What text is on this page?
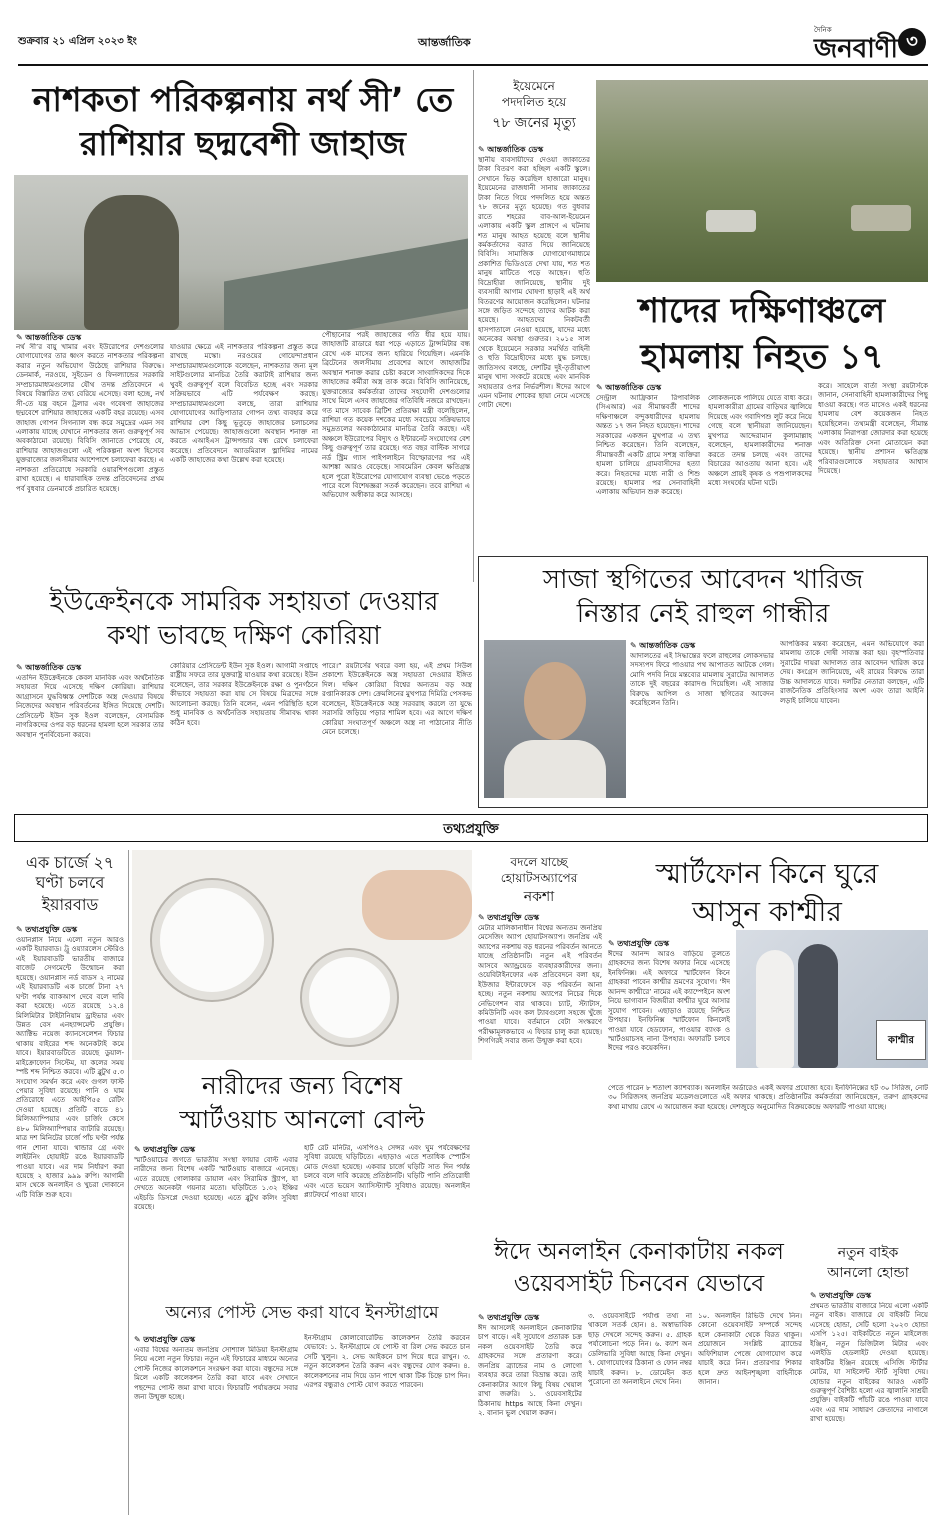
শুক্রবার ২১ এপ্রিল ২০২৩ ইং	আন্তর্জাতিক
দৈনিক
জনবাণী ৩
নাশকতা পরিকল্পনায় নর্থ সী’ তে
রাশিয়ার ছদ্মবেশী জাহাজ
✎ আন্তর্জাতিক ডেস্ক
নর্থ সী’র বায়ু খামার এবং ইউরোপের দেশগুলোর যোগাযোগের তার ধ্বংস করতে নাশকতার পরিকল্পনা করার নতুন অভিযোগ উঠেছে রাশিয়ার বিরুদ্ধে। ডেনমার্ক, নরওয়ে, সুইডেন ও ফিনল্যান্ডের সরকারি সম্প্রচারমাধ্যমগুলোর যৌথ তদন্ত প্রতিবেদনে এ বিষয়ে বিস্তারিত তথ্য বেরিয়ে এসেছে। বলা হচ্ছে, নর্থ সী-তে যন্ত্র বহনে ট্রলার এবং গবেষণা জাহাজের ছদ্মবেশে রাশিয়ার জাহাজের একটি বহর রয়েছে। এসব জাহাজ গোপন সিগন্যাল বন্ধ করে সমুদ্রের এমন সব এলাকায় যাচ্ছে যেখানে নাশকতার জন্য গুরুত্বপূর্ণ সব অবকাঠামো রয়েছে। বিবিসি জানাতে পেরেছে যে, রাশিয়ার জাহাজগুলো এই পরিকল্পনা অংশ হিসেবে যুক্তরাজ্যের জলসীমার আশেপাশে চলাফেরা করছে। এ নাশকতা প্রতিরোধে সরকারি ওয়ারশিপগুলো প্রস্তুত রাখা হয়েছে। এ ধারাবাহিক তদন্ত প্রতিবেদনের প্রথম পর্ব বুধবার ডেনমার্কে প্রচারিত হয়েছে।
যাওয়ার ক্ষেত্রে এই নাশকতার পরিকল্পনা প্রস্তুত করে রাখছে মস্কো। নরওয়ের গোয়েন্দাপ্রধান সম্প্রচারমাধ্যমগুলোকে বলেছেন, নাশকতার জন্য মূল সাইটগুলোর মানচিত্র তৈরি করাটাই রাশিয়ার জন্য খুবই গুরুত্বপূর্ণ বলে বিবেচিত হচ্ছে এবং সরকার সক্রিয়ভাবে এটি পর্যবেক্ষণ করছে। সম্প্রচারমাধ্যমগুলো বলছে, তারা রাশিয়ার যোগাযোগের আড়িপাতার গোপন তথ্য ব্যবহার করে রাশিয়ার বেশ কিছু ভূতুড়ে জাহাজের চলাচলের আভাস পেয়েছে। জাহাজগুলো অবস্থান শনাক্ত না করতে এআইএস ট্রান্সপন্ডার বন্ধ রেখে চলাফেরা করেছে। প্রতিবেদনে অ্যাডমিরাল ভ্লাদিমির নামের একটি জাহাজের কথা উল্লেখ করা হয়েছে।
পৌছানোর পরই জাহাজের গতি ধীর হয়ে যায়। জাহাজটি রাডারে ধরা পড়ে এড়াতে ট্রান্সমিটার বন্ধ রেখে এক মাসের জন্য হারিয়ে গিয়েছিল। এমনকি ব্রিটেনের জলসীমায় প্রবেশের আগে জাহাজটির অবস্থান শনাক্ত করার চেষ্টা করলে সাংবাদিকদের দিকে জাহাজের কর্মীরা অস্ত্র তাক করে। বিবিসি জানিয়েছে, যুক্তরাজ্যের কর্মকর্তারা তাদের সহযোগী দেশগুলোর সাথে মিলে এসব জাহাজের গতিবিধি নজরে রাখছেন। গত মাসে সাবেক ব্রিটিশ প্রতিরক্ষা মন্ত্রী বলেছিলেন, রাশিয়া গত কয়েক দশকের মধ্যে সবচেয়ে সক্রিয়ভাবে সমুদ্রতলের অবকাঠামোর মানচিত্র তৈরি করছে। এই অঞ্চলে ইউরোপের বিদ্যুৎ ও ইন্টারনেট সংযোগের বেশ কিছু গুরুত্বপূর্ণ তার রয়েছে। গত বছর বাল্টিক সাগরে নর্ড স্ট্রিম গ্যাস পাইপলাইনে বিস্ফোরণের পর এই আশঙ্কা আরও বেড়েছে। সাবমেরিন কেবল ক্ষতিগ্রস্ত হলে পুরো ইউরোপের যোগাযোগ ব্যবস্থা ভেঙে পড়তে পারে বলে বিশেষজ্ঞরা সতর্ক করেছেন। তবে রাশিয়া এ অভিযোগ অস্বীকার করে আসছে।
ইয়েমেনে
পদদলিত হয়ে
৭৮ জনের মৃত্যু
✎ আন্তর্জাতিক ডেস্ক
স্থানীয় ব্যবসায়ীদের দেওয়া জাকাতের টাকা বিতরণ করা হচ্ছিল একটি স্কুলে। সেখানে ভিড় করেছিল হাজারো মানুষ। ইয়েমেনের রাজধানী সানায় জাকাতের টাকা নিতে গিয়ে পদদলিত হয়ে অন্তত ৭৮ জনের মৃত্যু হয়েছে। গত বুধবার রাতে শহরের বাব-আল-ইয়েমেন এলাকায় একটি স্কুল প্রাঙ্গণে এ ঘটনায় শত মানুষ আহত হয়েছে বলে স্থানীয় কর্মকর্তাদের বরাত দিয়ে জানিয়েছে বিবিসি। সামাজিক যোগাযোগমাধ্যমে প্রকাশিত ভিডিওতে দেখা যায়, শত শত মানুষ মাটিতে পড়ে আছেন। হুতি বিদ্রোহীরা জানিয়েছে, স্থানীয় দুই ব্যবসায়ী আগাম ঘোষণা ছাড়াই এই অর্থ বিতরণের আয়োজন করেছিলেন। ঘটনার সঙ্গে জড়িত সন্দেহে তাদের আটক করা হয়েছে। আহতদের নিকটবর্তী হাসপাতালে নেওয়া হয়েছে, যাদের মধ্যে অনেকের অবস্থা গুরুতর। ২০১৫ সাল থেকে ইয়েমেনে সরকার সমর্থিত বাহিনী ও হুতি বিদ্রোহীদের মধ্যে যুদ্ধ চলছে। জাতিসংঘ বলছে, দেশটির দুই-তৃতীয়াংশ মানুষ খাদ্য সংকটে রয়েছে এবং মানবিক সহায়তার ওপর নির্ভরশীল। ঈদের আগে এমন ঘটনায় শোকের ছায়া নেমে এসেছে গোটা দেশে।
শাদের দক্ষিণাঞ্চলে
হামলায় নিহত ১৭
✎ আন্তর্জাতিক ডেস্ক
সেন্ট্রাল আফ্রিকান রিপাবলিক (সিএআর) এর সীমান্তবর্তী শাদের দক্ষিণাঞ্চলে বন্দুকধারীদের হামলায় অন্তত ১৭ জন নিহত হয়েছেন। শাদের সরকারের একজন মুখপাত্র এ তথ্য নিশ্চিত করেছেন। তিনি বলেছেন, সীমান্তবর্তী একটি গ্রামে সশস্ত্র ব্যক্তিরা হামলা চালিয়ে গ্রামবাসীদের হত্যা করে। নিহতদের মধ্যে নারী ও শিশু রয়েছে। হামলার পর সেনাবাহিনী এলাকায় অভিযান শুরু করেছে।
লোকজনকে পালিয়ে যেতে বাধ্য করে। হামলাকারীরা গ্রামের বাড়িঘর জ্বালিয়ে দিয়েছে এবং গবাদিপশু লুট করে নিয়ে গেছে বলে স্থানীয়রা জানিয়েছেন। মুখপাত্র আব্দেরামান কুলামাল্লাহ বলেছেন, হামলাকারীদের শনাক্ত করতে তদন্ত চলছে এবং তাদের বিচারের আওতায় আনা হবে। এই অঞ্চলে প্রায়ই কৃষক ও পশুপালকদের মধ্যে সংঘর্ষের ঘটনা ঘটে।
করে। সাহেলে বার্তা সংস্থা রয়টার্সকে জানান, সেনাবাহিনী হামলাকারীদের পিছু ধাওয়া করছে। গত মাসেও একই ধরনের হামলায় বেশ কয়েকজন নিহত হয়েছিলেন। তথ্যমন্ত্রী বলেছেন, সীমান্ত এলাকায় নিরাপত্তা জোরদার করা হয়েছে এবং অতিরিক্ত সেনা মোতায়েন করা হয়েছে। স্থানীয় প্রশাসন ক্ষতিগ্রস্ত পরিবারগুলোকে সহায়তার আশ্বাস দিয়েছে।
ইউক্রেইনকে সামরিক সহায়তা দেওয়ার
কথা ভাবছে দক্ষিণ কোরিয়া
✎ আন্তর্জাতিক ডেস্ক
এতদিন ইউক্রেইনকে কেবল মানবিক এবং অর্থনৈতিক সহায়তা দিয়ে এসেছে দক্ষিণ কোরিয়া। রাশিয়ার আগ্রাসনে যুদ্ধবিধ্বস্ত দেশটিকে অস্ত্র দেওয়ার বিষয়ে নিজেদের অবস্থান পরিবর্তনের ইঙ্গিত দিয়েছে দেশটি। প্রেসিডেন্ট ইউন সুক ইওল বলেছেন, বেসামরিক নাগরিকদের ওপর বড় ধরনের হামলা হলে সরকার তার অবস্থান পুনর্বিবেচনা করবে।
কোরিয়ার প্রেসিডেন্ট ইউন সুক ইওল। আগামী সপ্তাহে রাষ্ট্রীয় সফরে তার যুক্তরাষ্ট্র যাওয়ার কথা রয়েছে। ইউন বলেছেন, তার সরকার ইউক্রেইনকে রক্ষা ও পুনর্গঠনে কীভাবে সহায়তা করা যায় সে বিষয়ে মিত্রদের সঙ্গে আলোচনা করছে। তিনি বলেন, এমন পরিস্থিতি হলে শুধু মানবিক ও অর্থনৈতিক সহায়তায় সীমাবদ্ধ থাকা কঠিন হবে।
পারে।” রয়টার্সের খবরে বলা হয়, এই প্রথম সিউল প্রকাশ্যে ইউক্রেইনকে অস্ত্র সহায়তা দেওয়ার ইঙ্গিত দিল। দক্ষিণ কোরিয়া বিশ্বের অন্যতম বড় অস্ত্র রপ্তানিকারক দেশ। ক্রেমলিনের মুখপাত্র দিমিত্রি পেসকভ বলেছেন, ইউক্রেইনকে অস্ত্র সরবরাহ করলে তা যুদ্ধে সরাসরি জড়িয়ে পড়ার শামিল হবে। এর আগে দক্ষিণ কোরিয়া সংঘাতপূর্ণ অঞ্চলে অস্ত্র না পাঠানোর নীতি মেনে চলেছে।
সাজা স্থগিতের আবেদন খারিজ
নিস্তার নেই রাহুল গান্ধীর
✎ আন্তর্জাতিক ডেস্ক
আদালতের এই সিদ্ধান্তের ফলে রাহুলের লোকসভার সদস্যপদ ফিরে পাওয়ার পথ আপাতত আটকে গেল। মোদি পদবি নিয়ে মন্তব্যের মামলায় সুরাটের আদালত তাকে দুই বছরের কারাদণ্ড দিয়েছিল। এই সাজার বিরুদ্ধে আপিল ও সাজা স্থগিতের আবেদন করেছিলেন তিনি।
আপত্তিকর মন্তব্য করেছেন, এমন অভিযোগে করা মামলায় তাকে দোষী সাব্যস্ত করা হয়। বৃহস্পতিবার সুরাটের দায়রা আদালত তার আবেদন খারিজ করে দেয়। কংগ্রেস জানিয়েছে, এই রায়ের বিরুদ্ধে তারা উচ্চ আদালতে যাবে। দলটির নেতারা বলছেন, এটি রাজনৈতিক প্রতিহিংসার অংশ এবং তারা আইনি লড়াই চালিয়ে যাবেন।
তথ্যপ্রযুক্তি
এক চার্জে ২৭
ঘণ্টা চলবে
ইয়ারবাড
✎ তথ্যপ্রযুক্তি ডেস্ক
ওয়ানপ্লাস নিয়ে এলো নতুন আরও একটি ইয়ারবাড। ট্রু ওয়্যারলেস স্টেরিও এই ইয়ারবাডটি ভারতীয় বাজারে বাজেট সেগমেন্টে উন্মোচন করা হয়েছে। ওয়ানপ্লাস নর্ড বাডস ২ নামের এই ইয়ারবাডটি এক চার্জে টানা ২৭ ঘণ্টা পর্যন্ত ব্যাকআপ দেবে বলে দাবি করা হয়েছে। এতে রয়েছে ১২.৪ মিলিমিটার টাইটানিয়াম ড্রাইভার এবং উন্নত বেস এনহ্যান্সমেন্ট প্রযুক্তি। অ্যাক্টিভ নয়েজ ক্যানসেলেশন ফিচার থাকায় বাইরের শব্দ অনেকটাই কমে যাবে। ইয়ারবাডটিতে রয়েছে ডুয়াল-মাইক্রোফোন সিস্টেম, যা কলের সময় স্পষ্ট শব্দ নিশ্চিত করবে। এটি ব্লুটুথ ৫.৩ সংযোগ সমর্থন করে এবং গুগল ফাস্ট পেয়ার সুবিধা রয়েছে। পানি ও ঘাম প্রতিরোধে এতে আইপি৫৫ রেটিং দেওয়া হয়েছে। প্রতিটি বাডে ৪১ মিলিঅ্যাম্পিয়ার এবং চার্জিং কেসে ৪৮০ মিলিঅ্যাম্পিয়ার ব্যাটারি রয়েছে। মাত্র দশ মিনিটের চার্জে পাঁচ ঘণ্টা পর্যন্ত গান শোনা যাবে। থান্ডার গ্রে এবং লাইটনিং হোয়াইট রঙে ইয়ারবাডটি পাওয়া যাবে। এর দাম নির্ধারণ করা হয়েছে ২ হাজার ৯৯৯ রুপি। আগামী মাস থেকে অনলাইন ও খুচরা দোকানে এটি বিক্রি শুরু হবে।
নারীদের জন্য বিশেষ
স্মার্টওয়াচ আনলো বোল্ট
✎ তথ্যপ্রযুক্তি ডেস্ক
স্মার্টওয়াচের জগতে ভারতীয় সংস্থা ফায়ার বোল্ট এবার নারীদের জন্য বিশেষ একটি স্মার্টওয়াচ বাজারে এনেছে। এতে রয়েছে গোলাকার ডায়াল এবং সিরামিক স্ট্র্যাপ, যা দেখতে অনেকটা গয়নার মতো। ঘড়িটিতে ১.৩২ ইঞ্চির এইচডি ডিসপ্লে দেওয়া হয়েছে। এতে ব্লুটুথ কলিং সুবিধা রয়েছে।
হার্ট রেট মনিটর, এসপিও২ সেন্সর এবং ঘুম পর্যবেক্ষণের সুবিধা রয়েছে ঘড়িটিতে। এছাড়াও এতে শতাধিক স্পোর্টস মোড দেওয়া হয়েছে। একবার চার্জে ঘড়িটি সাত দিন পর্যন্ত চলবে বলে দাবি করেছে প্রতিষ্ঠানটি। ঘড়িটি পানি প্রতিরোধী এবং এতে ভয়েস অ্যাসিস্ট্যান্ট সুবিধাও রয়েছে। অনলাইন প্ল্যাটফর্মে পাওয়া যাবে।
বদলে যাচ্ছে
হোয়াটসঅ্যাপের
নকশা
✎ তথ্যপ্রযুক্তি ডেস্ক
মেটার মালিকানাধীন বিশ্বের অন্যতম জনপ্রিয় মেসেজিং অ্যাপ হোয়াটসঅ্যাপ। জনপ্রিয় এই অ্যাপের নকশায় বড় ধরনের পরিবর্তন আনতে যাচ্ছে প্রতিষ্ঠানটি। নতুন এই পরিবর্তন আসবে অ্যান্ড্রয়েড ব্যবহারকারীদের জন্য। ওয়েবিটাইনফোর এক প্রতিবেদনে বলা হয়, ইউজার ইন্টারফেসে বড় পরিবর্তন আনা হচ্ছে। নতুন নকশায় অ্যাপের নিচের দিকে নেভিগেশন বার থাকবে। চ্যাট, স্ট্যাটাস, কমিউনিটি এবং কল ট্যাবগুলো সহজে খুঁজে পাওয়া যাবে। বর্তমানে বেটা সংস্করণে পরীক্ষামূলকভাবে এ ফিচার চালু করা হয়েছে। শিগগিরই সবার জন্য উন্মুক্ত করা হবে।
স্মার্টফোন কিনে ঘুরে
আসুন কাশ্মীর
✎ তথ্যপ্রযুক্তি ডেস্ক
ঈদের আনন্দ আরও বাড়িয়ে তুলতে গ্রাহকদের জন্য বিশেষ অফার নিয়ে এসেছে ইনফিনিক্স। এই অফারে স্মার্টফোন কিনে গ্রাহকরা পাবেন কাশ্মীর ভ্রমণের সুযোগ। ‘ঈদ আনন্দ কাশ্মীরে’ নামের এই ক্যাম্পেইনে অংশ নিয়ে ভাগ্যবান বিজয়ীরা কাশ্মীর ঘুরে আসার সুযোগ পাবেন। এছাড়াও রয়েছে নিশ্চিত উপহার। ইনফিনিক্স স্মার্টফোন কিনলেই পাওয়া যাবে হেডফোন, পাওয়ার ব্যাংক ও স্মার্টওয়াচসহ নানা উপহার। অফারটি চলবে ঈদের পরও কয়েকদিন।
কাশ্মীর
পেতে পারেন ৮ শতাংশ ক্যাশব্যাক। অনলাইন অর্ডারেও একই অফার প্রযোজ্য হবে। ইনফিনিক্সের হট ৩০ সিরিজ, নোট ৩০ সিরিজসহ জনপ্রিয় মডেলগুলোতে এই অফার থাকছে। প্রতিষ্ঠানটির কর্মকর্তারা জানিয়েছেন, তরুণ গ্রাহকদের কথা মাথায় রেখে এ আয়োজন করা হয়েছে। দেশজুড়ে অনুমোদিত বিক্রয়কেন্দ্রে অফারটি পাওয়া যাচ্ছে।
অন্যের পোস্ট সেভ করা যাবে ইনস্টাগ্রামে
✎ তথ্যপ্রযুক্তি ডেস্ক
এবার বিশ্বের অন্যতম জনপ্রিয় সোশ্যাল মিডিয়া ইনস্টাগ্রাম নিয়ে এলো নতুন ফিচার। নতুন এই ফিচারের মাধ্যমে অন্যের পোস্ট নিজের কালেকশনে সংরক্ষণ করা যাবে। বন্ধুদের সঙ্গে মিলে একটি কালেকশন তৈরি করা যাবে এবং সেখানে পছন্দের পোস্ট জমা রাখা যাবে। ফিচারটি পর্যায়ক্রমে সবার জন্য উন্মুক্ত হচ্ছে।
ইনস্টাগ্রাম কোলাবোরেটিভ কালেকশন তৈরি করবেন যেভাবে: ১. ইনস্টাগ্রামে যে পোস্ট বা রিল সেভ করতে চান সেটি খুলুন। ২. সেভ আইকনে চাপ দিয়ে ধরে রাখুন। ৩. নতুন কালেকশন তৈরি করুন এবং বন্ধুদের যোগ করুন। ৪. কালেকশনের নাম দিয়ে ডান পাশে থাকা টিক চিহ্নে চাপ দিন। এরপর বন্ধুরাও পোস্ট যোগ করতে পারবেন।
ঈদে অনলাইন কেনাকাটায় নকল
ওয়েবসাইট চিনবেন যেভাবে
✎ তথ্যপ্রযুক্তি ডেস্ক
ঈদ আসলেই অনলাইনে কেনাকাটার চাপ বাড়ে। এই সুযোগে প্রতারক চক্র নকল ওয়েবসাইট তৈরি করে গ্রাহকদের সঙ্গে প্রতারণা করে। জনপ্রিয় ব্র্যান্ডের নাম ও লোগো ব্যবহার করে তারা বিভ্রান্ত করে। তাই কেনাকাটার আগে কিছু বিষয় খেয়াল রাখা জরুরি। ১. ওয়েবসাইটের ঠিকানায় https আছে কিনা দেখুন। ২. বানান ভুল খেয়াল করুন।
৩. ওয়েবসাইটে পর্যাপ্ত তথ্য না থাকলে সতর্ক হোন। ৪. অস্বাভাবিক ছাড় দেখলে সন্দেহ করুন। ৫. গ্রাহক পর্যালোচনা পড়ে নিন। ৬. ক্যাশ অন ডেলিভারি সুবিধা আছে কিনা দেখুন। ৭. যোগাযোগের ঠিকানা ও ফোন নম্বর যাচাই করুন। ৮. ডোমেইন কত পুরোনো তা অনলাইনে দেখে নিন।
১০. অনলাইন রিভিউ দেখে নিন। কোনো ওয়েবসাইট সম্পর্কে সন্দেহ হলে কেনাকাটা থেকে বিরত থাকুন। প্রয়োজনে সংশ্লিষ্ট ব্র্যান্ডের অফিশিয়াল পেজে যোগাযোগ করে যাচাই করে নিন। প্রতারণার শিকার হলে দ্রুত আইনশৃঙ্খলা বাহিনীকে জানান।
নতুন বাইক
আনলো হোন্ডা
✎ তথ্যপ্রযুক্তি ডেস্ক
প্রথমত ভারতীয় বাজারে নিয়ে এলো একটি নতুন বাইক। বাজারে যে বাইকটি নিয়ে এসেছে হোন্ডা, সেটি হলো ২০২৩ হোন্ডা এসপি ১২৫। বাইকটিতে নতুন মাইলেজ ইঞ্জিন, নতুন ডিজিটাল মিটার এবং এলইডি হেডলাইট দেওয়া হয়েছে। বাইকটির ইঞ্জিন রয়েছে এসিজি স্টার্টার মোটর, যা সাইলেন্ট স্টার্ট সুবিধা দেয়। হোন্ডার নতুন বাইকের আরও একটি গুরুত্বপূর্ণ বৈশিষ্ট্য হলো এর জ্বালানি সাশ্রয়ী প্রযুক্তি। বাইকটি পাঁচটি রঙে পাওয়া যাবে এবং এর দাম সাধারণ ক্রেতাদের নাগালে রাখা হয়েছে।
